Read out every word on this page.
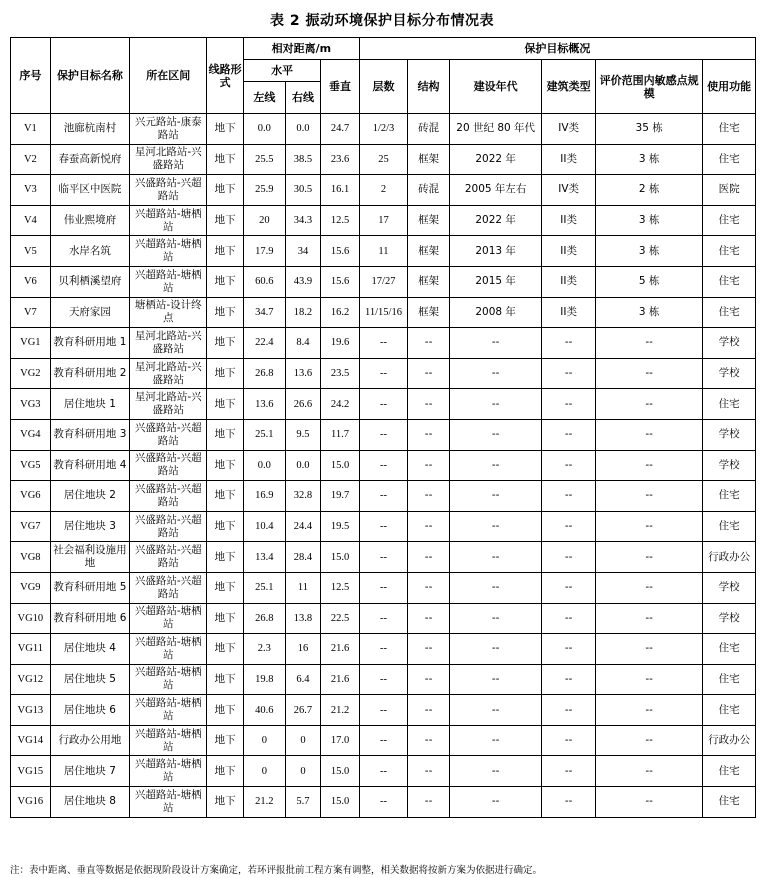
表 2 振动环境保护目标分布情况表
序号	保护目标名称	所在区间	线路形式	相对距离/m			保护目标概况					
				水平		垂直	层数	结构	建设年代	建筑类型	评价范围内敏感点规模	使用功能
				左线	右线							
V1	池廊杭南村	兴元路站-康泰路站	地下	0.0	0.0	24.7	1/2/3	砖混	20 世纪 80 年代	IV类	35 栋	住宅
V2	春蚕高新悦府	星河北路站-兴盛路站	地下	25.5	38.5	23.6	25	框架	2022 年	II类	3 栋	住宅
V3	临平区中医院	兴盛路站-兴超路站	地下	25.9	30.5	16.1	2	砖混	2005 年左右	IV类	2 栋	医院
V4	伟业熙境府	兴超路站-塘栖站	地下	20	34.3	12.5	17	框架	2022 年	II类	3 栋	住宅
V5	水岸名筑	兴超路站-塘栖站	地下	17.9	34	15.6	11	框架	2013 年	II类	3 栋	住宅
V6	贝利栖溪望府	兴超路站-塘栖站	地下	60.6	43.9	15.6	17/27	框架	2015 年	II类	5 栋	住宅
V7	天府家园	塘栖站-设计终点	地下	34.7	18.2	16.2	11/15/16	框架	2008 年	II类	3 栋	住宅
VG1	教育科研用地 1	星河北路站-兴盛路站	地下	22.4	8.4	19.6	--	--	--	--	--	学校
VG2	教育科研用地 2	星河北路站-兴盛路站	地下	26.8	13.6	23.5	--	--	--	--	--	学校
VG3	居住地块 1	星河北路站-兴盛路站	地下	13.6	26.6	24.2	--	--	--	--	--	住宅
VG4	教育科研用地 3	兴盛路站-兴超路站	地下	25.1	9.5	11.7	--	--	--	--	--	学校
VG5	教育科研用地 4	兴盛路站-兴超路站	地下	0.0	0.0	15.0	--	--	--	--	--	学校
VG6	居住地块 2	兴盛路站-兴超路站	地下	16.9	32.8	19.7	--	--	--	--	--	住宅
VG7	居住地块 3	兴盛路站-兴超路站	地下	10.4	24.4	19.5	--	--	--	--	--	住宅
VG8	社会福利设施用地	兴盛路站-兴超路站	地下	13.4	28.4	15.0	--	--	--	--	--	行政办公
VG9	教育科研用地 5	兴盛路站-兴超路站	地下	25.1	11	12.5	--	--	--	--	--	学校
VG10	教育科研用地 6	兴超路站-塘栖站	地下	26.8	13.8	22.5	--	--	--	--	--	学校
VG11	居住地块 4	兴超路站-塘栖站	地下	2.3	16	21.6	--	--	--	--	--	住宅
VG12	居住地块 5	兴超路站-塘栖站	地下	19.8	6.4	21.6	--	--	--	--	--	住宅
VG13	居住地块 6	兴超路站-塘栖站	地下	40.6	26.7	21.2	--	--	--	--	--	住宅
VG14	行政办公用地	兴超路站-塘栖站	地下	0	0	17.0	--	--	--	--	--	行政办公
VG15	居住地块 7	兴超路站-塘栖站	地下	0	0	15.0	--	--	--	--	--	住宅
VG16	居住地块 8	兴超路站-塘栖站	地下	21.2	5.7	15.0	--	--	--	--	--	住宅
注：表中距离、垂直等数据是依据现阶段设计方案确定，若环评报批前工程方案有调整，相关数据将按新方案为依据进行确定。
